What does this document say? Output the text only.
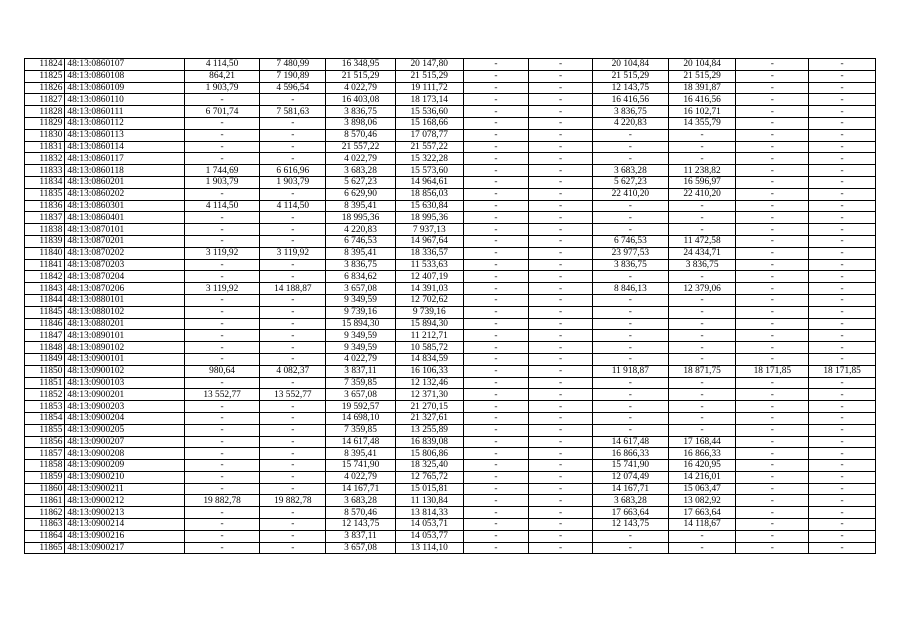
11824	48:13:0860107	4 114,50	7 480,99	16 348,95	20 147,80	-	-	20 104,84	20 104,84	-	-
11825	48:13:0860108	864,21	7 190,89	21 515,29	21 515,29	-	-	21 515,29	21 515,29	-	-
11826	48:13:0860109	1 903,79	4 596,54	4 022,79	19 111,72	-	-	12 143,75	18 391,87	-	-
11827	48:13:0860110	-	-	16 403,08	18 173,14	-	-	16 416,56	16 416,56	-	-
11828	48:13:0860111	6 701,74	7 581,63	3 836,75	15 536,60	-	-	3 836,75	16 102,71	-	-
11829	48:13:0860112	-	-	3 898,06	15 168,66	-	-	4 220,83	14 355,79	-	-
11830	48:13:0860113	-	-	8 570,46	17 078,77	-	-	-	-	-	-
11831	48:13:0860114	-	-	21 557,22	21 557,22	-	-	-	-	-	-
11832	48:13:0860117	-	-	4 022,79	15 322,28	-	-	-	-	-	-
11833	48:13:0860118	1 744,69	6 616,96	3 683,28	15 573,60	-	-	3 683,28	11 238,82	-	-
11834	48:13:0860201	1 903,79	1 903,79	5 627,23	14 964,61	-	-	5 627,23	16 596,97	-	-
11835	48:13:0860202	-	-	6 629,90	18 856,03	-	-	22 410,20	22 410,20	-	-
11836	48:13:0860301	4 114,50	4 114,50	8 395,41	15 630,84	-	-	-	-	-	-
11837	48:13:0860401	-	-	18 995,36	18 995,36	-	-	-	-	-	-
11838	48:13:0870101	-	-	4 220,83	7 937,13	-	-	-	-	-	-
11839	48:13:0870201	-	-	6 746,53	14 967,64	-	-	6 746,53	11 472,58	-	-
11840	48:13:0870202	3 119,92	3 119,92	8 395,41	18 336,57	-	-	23 977,53	24 434,71	-	-
11841	48:13:0870203	-	-	3 836,75	11 533,63	-	-	3 836,75	3 836,75	-	-
11842	48:13:0870204	-	-	6 834,62	12 407,19	-	-	-	-	-	-
11843	48:13:0870206	3 119,92	14 188,87	3 657,08	14 391,03	-	-	8 846,13	12 379,06	-	-
11844	48:13:0880101	-	-	9 349,59	12 702,62	-	-	-	-	-	-
11845	48:13:0880102	-	-	9 739,16	9 739,16	-	-	-	-	-	-
11846	48:13:0880201	-	-	15 894,30	15 894,30	-	-	-	-	-	-
11847	48:13:0890101	-	-	9 349,59	11 212,71	-	-	-	-	-	-
11848	48:13:0890102	-	-	9 349,59	10 585,72	-	-	-	-	-	-
11849	48:13:0900101	-	-	4 022,79	14 834,59	-	-	-	-	-	-
11850	48:13:0900102	980,64	4 082,37	3 837,11	16 106,33	-	-	11 918,87	18 871,75	18 171,85	18 171,85
11851	48:13:0900103	-	-	7 359,85	12 132,46	-	-	-	-	-	-
11852	48:13:0900201	13 552,77	13 552,77	3 657,08	12 371,30	-	-	-	-	-	-
11853	48:13:0900203	-	-	19 592,57	21 270,15	-	-	-	-	-	-
11854	48:13:0900204	-	-	14 698,10	21 327,61	-	-	-	-	-	-
11855	48:13:0900205	-	-	7 359,85	13 255,89	-	-	-	-	-	-
11856	48:13:0900207	-	-	14 617,48	16 839,08	-	-	14 617,48	17 168,44	-	-
11857	48:13:0900208	-	-	8 395,41	15 806,86	-	-	16 866,33	16 866,33	-	-
11858	48:13:0900209	-	-	15 741,90	18 325,40	-	-	15 741,90	16 420,95	-	-
11859	48:13:0900210	-	-	4 022,79	12 765,72	-	-	12 074,49	14 216,01	-	-
11860	48:13:0900211	-	-	14 167,71	15 015,81	-	-	14 167,71	15 063,47	-	-
11861	48:13:0900212	19 882,78	19 882,78	3 683,28	11 130,84	-	-	3 683,28	13 082,92	-	-
11862	48:13:0900213	-	-	8 570,46	13 814,33	-	-	17 663,64	17 663,64	-	-
11863	48:13:0900214	-	-	12 143,75	14 053,71	-	-	12 143,75	14 118,67	-	-
11864	48:13:0900216	-	-	3 837,11	14 053,77	-	-	-	-	-	-
11865	48:13:0900217	-	-	3 657,08	13 114,10	-	-	-	-	-	-
